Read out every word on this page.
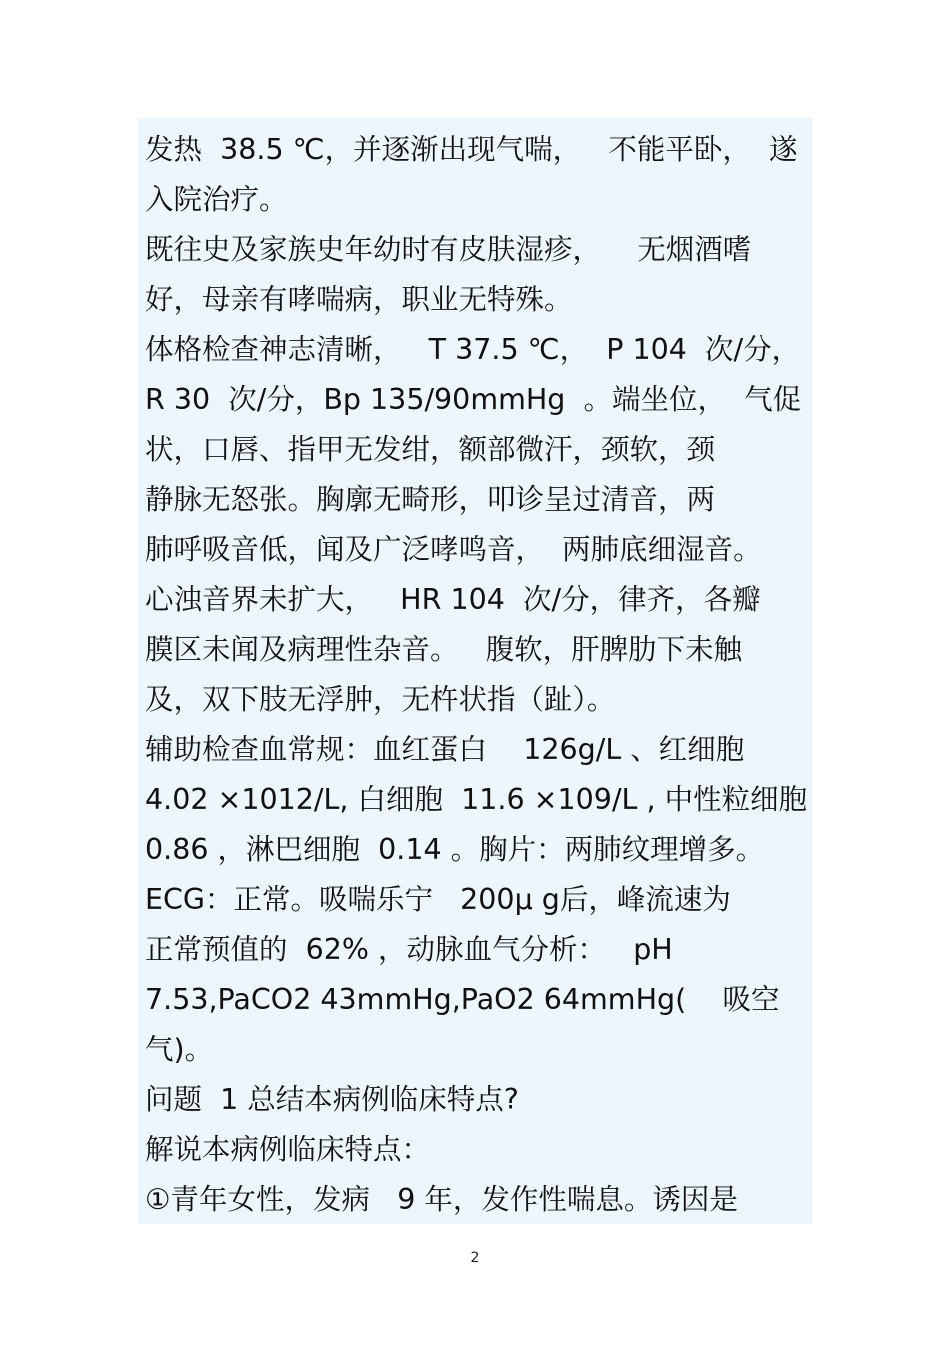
发热  38.5 ℃，并逐渐出现气喘，   不能平卧，  遂
入院治疗。
既往史及家族史年幼时有皮肤湿疹，    无烟酒嗜
好，母亲有哮喘病，职业无特殊。
体格检查神志清晰，   T 37.5 ℃，  P 104  次/分，
R 30  次/分，Bp 135/90mmHg  。端坐位，  气促
状，口唇、指甲无发绀，额部微汗，颈软，颈
静脉无怒张。胸廓无畸形，叩诊呈过清音，两
肺呼吸音低，闻及广泛哮鸣音，  两肺底细湿音。
心浊音界未扩大，   HR 104  次/分，律齐，各瓣
膜区未闻及病理性杂音。   腹软，肝脾肋下未触
及，双下肢无浮肿，无杵状指（趾）。
辅助检查血常规：血红蛋白    126g/L 、红细胞
4.02 ×1012/L, 白细胞  11.6 ×109/L , 中性粒细胞
0.86 ，淋巴细胞  0.14 。胸片：两肺纹理增多。
ECG：正常。吸喘乐宁   200μ g后，峰流速为
正常预值的  62% ，动脉血气分析：   pH
7.53,PaCO2 43mmHg,PaO2 64mmHg(    吸空
气)。
问题  1 总结本病例临床特点?
解说本病例临床特点：
①青年女性，发病   9 年，发作性喘息。诱因是
2
